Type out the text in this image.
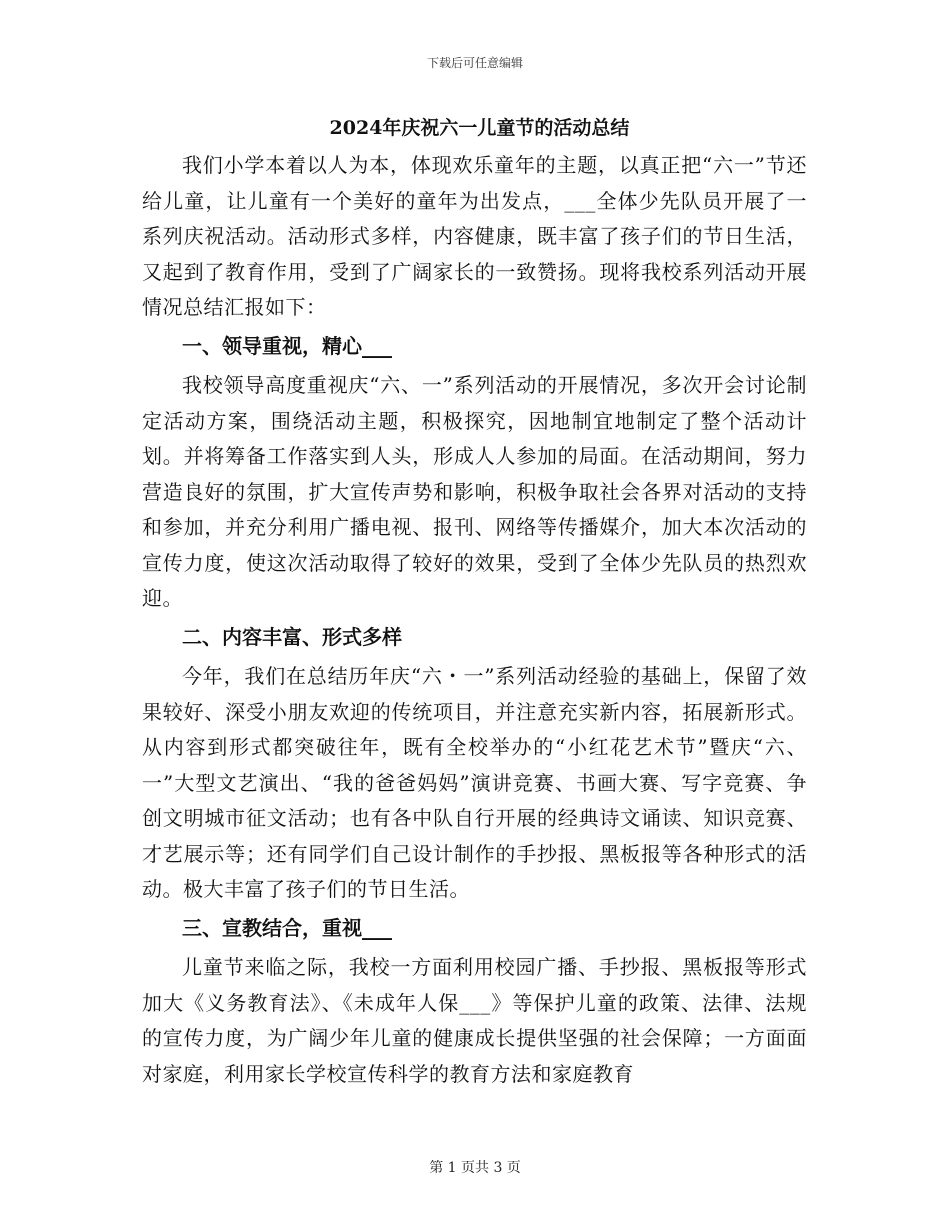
下载后可任意编辑
2024年庆祝六一儿童节的活动总结

我们小学本着以人为本，体现欢乐童年的主题，以真正把“六一”节还给儿童，让儿童有一个美好的童年为出发点，___全体少先队员开展了一系列庆祝活动。活动形式多样，内容健康，既丰富了孩子们的节日生活，又起到了教育作用，受到了广阔家长的一致赞扬。现将我校系列活动开展情况总结汇报如下：

一、领导重视，精心___

我校领导高度重视庆“六、一”系列活动的开展情况，多次开会讨论制定活动方案，围绕活动主题，积极探究，因地制宜地制定了整个活动计划。并将筹备工作落实到人头，形成人人参加的局面。在活动期间，努力营造良好的氛围，扩大宣传声势和影响，积极争取社会各界对活动的支持和参加，并充分利用广播电视、报刊、网络等传播媒介，加大本次活动的宣传力度，使这次活动取得了较好的效果，受到了全体少先队员的热烈欢迎。

二、内容丰富、形式多样

今年，我们在总结历年庆“六・一”系列活动经验的基础上，保留了效果较好、深受小朋友欢迎的传统项目，并注意充实新内容，拓展新形式。从内容到形式都突破往年，既有全校举办的“小红花艺术节”暨庆“六、一”大型文艺演出、“我的爸爸妈妈”演讲竞赛、书画大赛、写字竞赛、争创文明城市征文活动；也有各中队自行开展的经典诗文诵读、知识竞赛、才艺展示等；还有同学们自己设计制作的手抄报、黑板报等各种形式的活动。极大丰富了孩子们的节日生活。

三、宣教结合，重视___

儿童节来临之际，我校一方面利用校园广播、手抄报、黑板报等形式加大《义务教育法》、《未成年人保___》等保护儿童的政策、法律、法规的宣传力度，为广阔少年儿童的健康成长提供坚强的社会保障；一方面面对家庭，利用家长学校宣传科学的教育方法和家庭教育

第 1 页共 3 页
